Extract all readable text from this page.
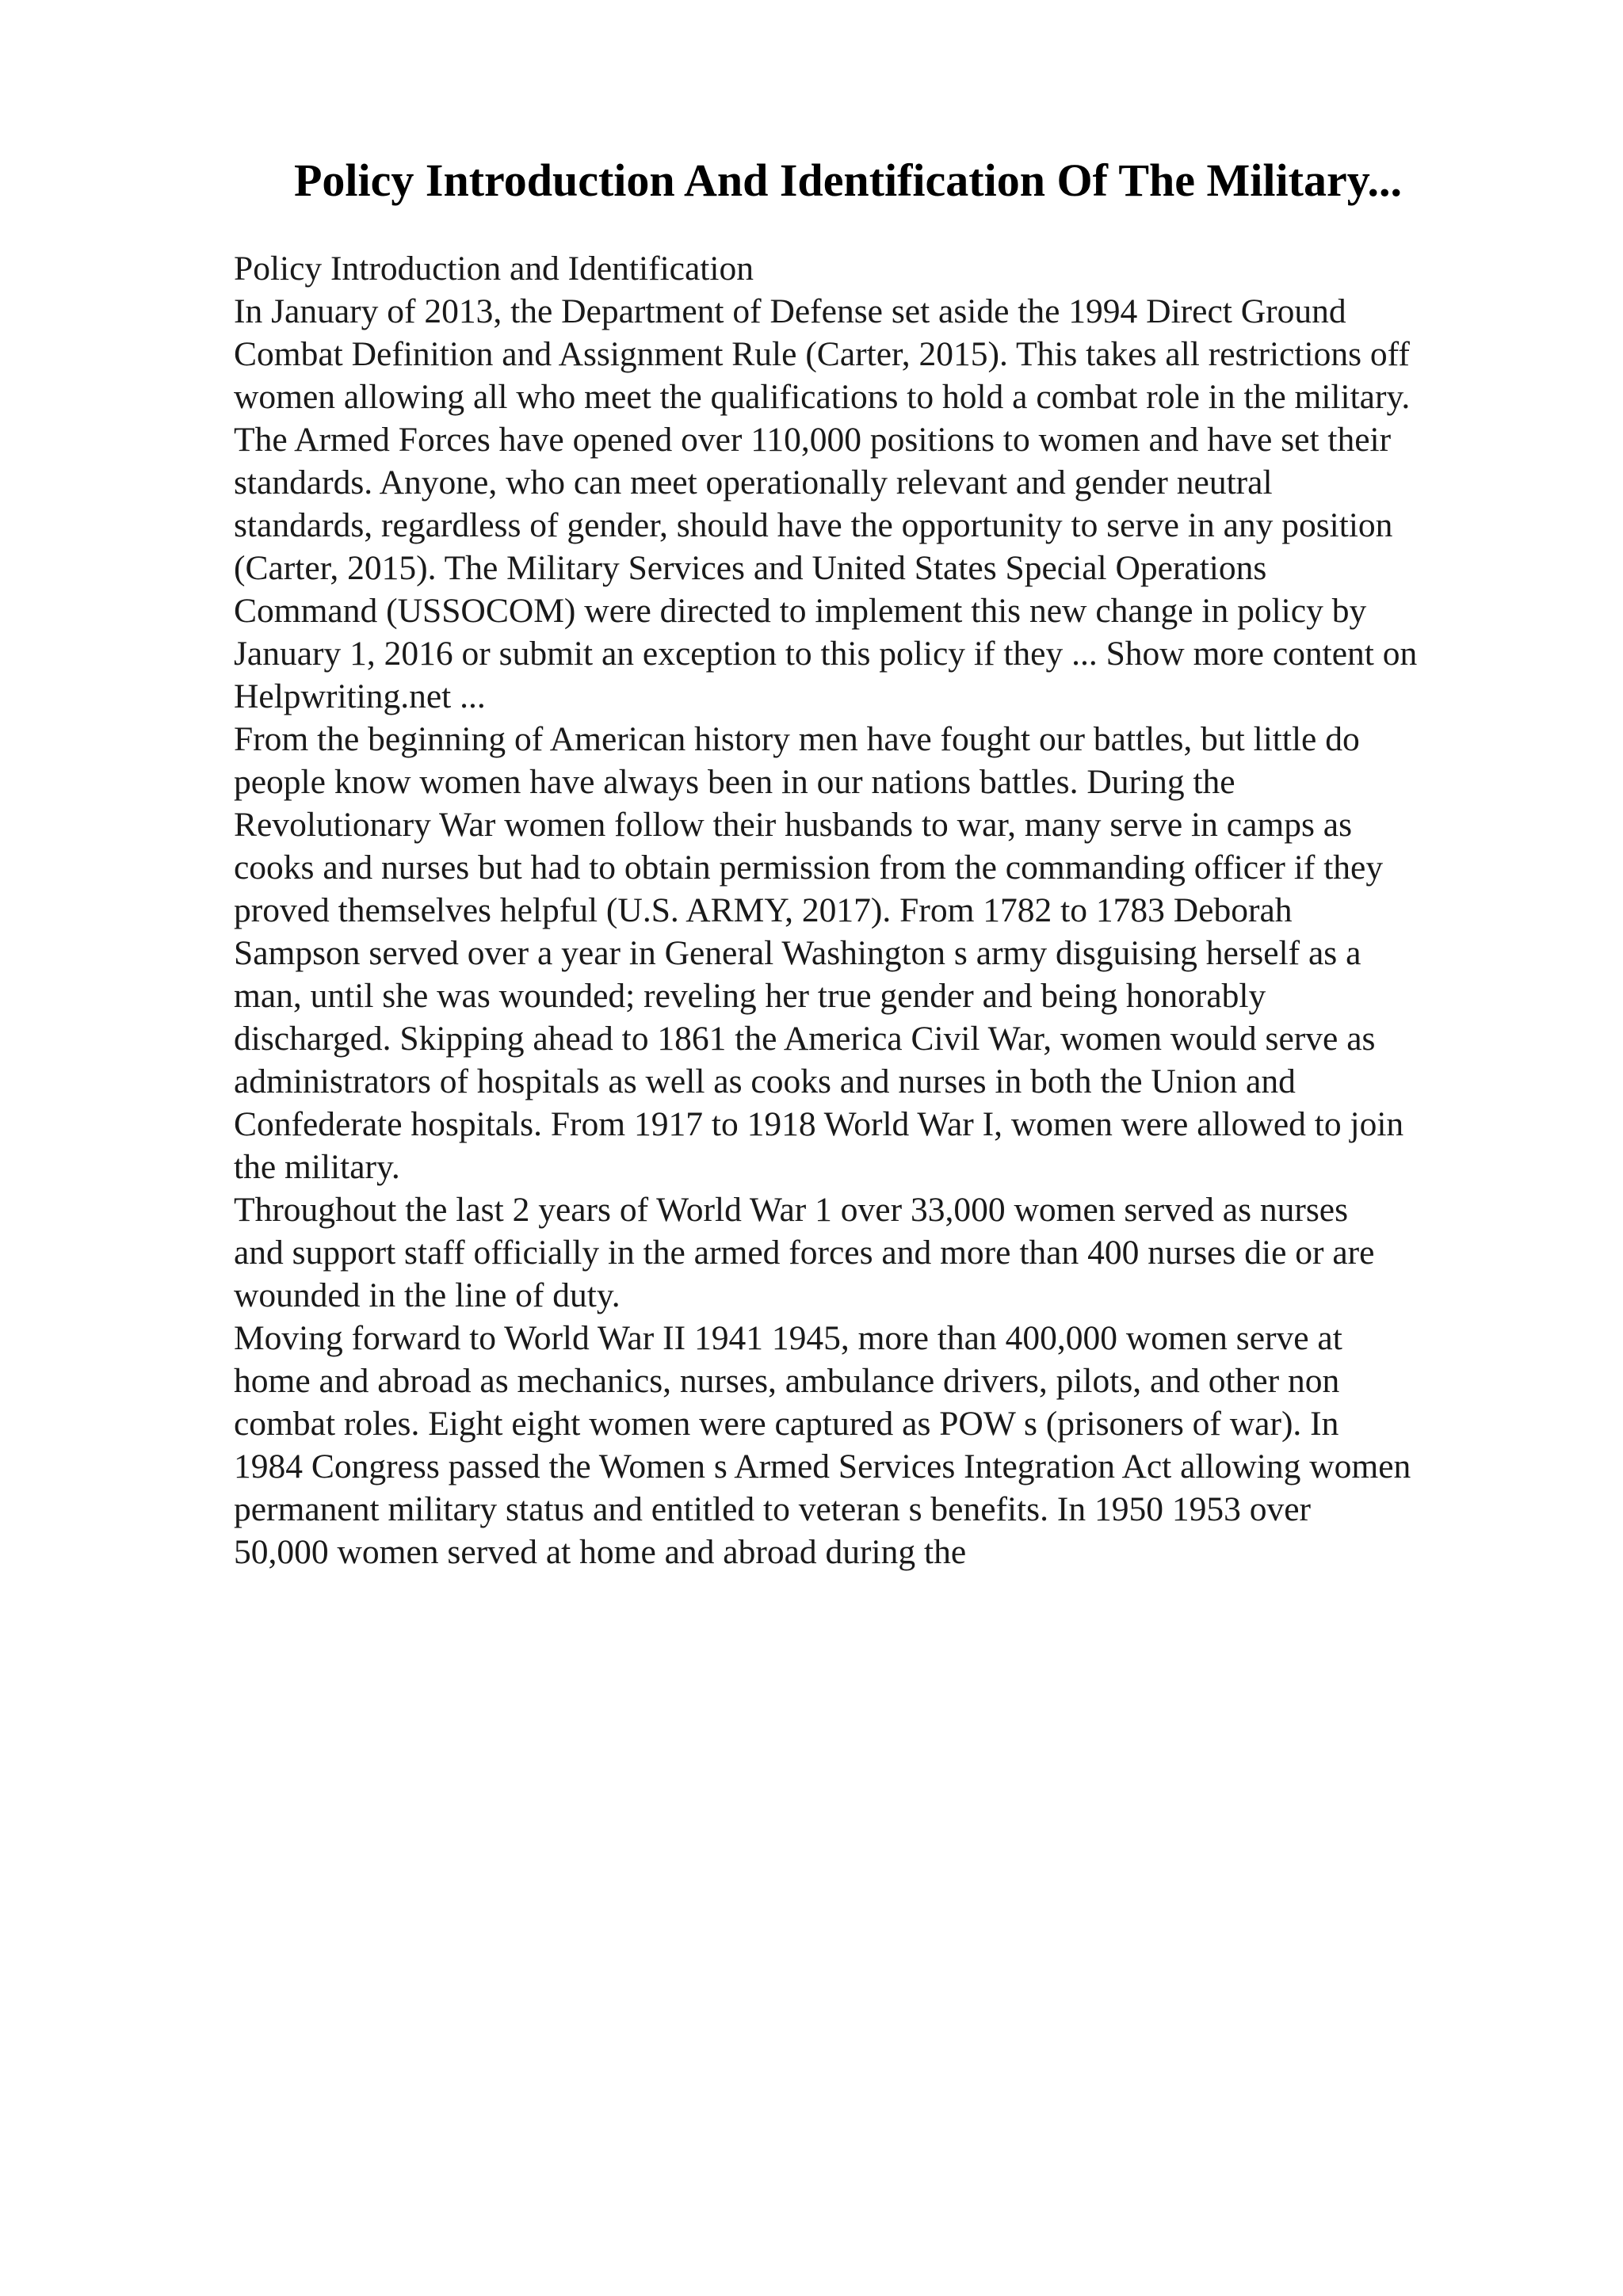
Policy Introduction And Identification Of The Military...
Policy Introduction and Identification
In January of 2013, the Department of Defense set aside the 1994 Direct Ground
Combat Definition and Assignment Rule (Carter, 2015). This takes all restrictions off
women allowing all who meet the qualifications to hold a combat role in the military.
The Armed Forces have opened over 110,000 positions to women and have set their
standards. Anyone, who can meet operationally relevant and gender neutral
standards, regardless of gender, should have the opportunity to serve in any position
(Carter, 2015). The Military Services and United States Special Operations
Command (USSOCOM) were directed to implement this new change in policy by
January 1, 2016 or submit an exception to this policy if they ... Show more content on
Helpwriting.net ...
From the beginning of American history men have fought our battles, but little do
people know women have always been in our nations battles. During the
Revolutionary War women follow their husbands to war, many serve in camps as
cooks and nurses but had to obtain permission from the commanding officer if they
proved themselves helpful (U.S. ARMY, 2017). From 1782 to 1783 Deborah
Sampson served over a year in General Washington s army disguising herself as a
man, until she was wounded; reveling her true gender and being honorably
discharged. Skipping ahead to 1861 the America Civil War, women would serve as
administrators of hospitals as well as cooks and nurses in both the Union and
Confederate hospitals. From 1917 to 1918 World War I, women were allowed to join
the military.
Throughout the last 2 years of World War 1 over 33,000 women served as nurses
and support staff officially in the armed forces and more than 400 nurses die or are
wounded in the line of duty.
Moving forward to World War II 1941 1945, more than 400,000 women serve at
home and abroad as mechanics, nurses, ambulance drivers, pilots, and other non
combat roles. Eight eight women were captured as POW s (prisoners of war). In
1984 Congress passed the Women s Armed Services Integration Act allowing women
permanent military status and entitled to veteran s benefits. In 1950 1953 over
50,000 women served at home and abroad during the
